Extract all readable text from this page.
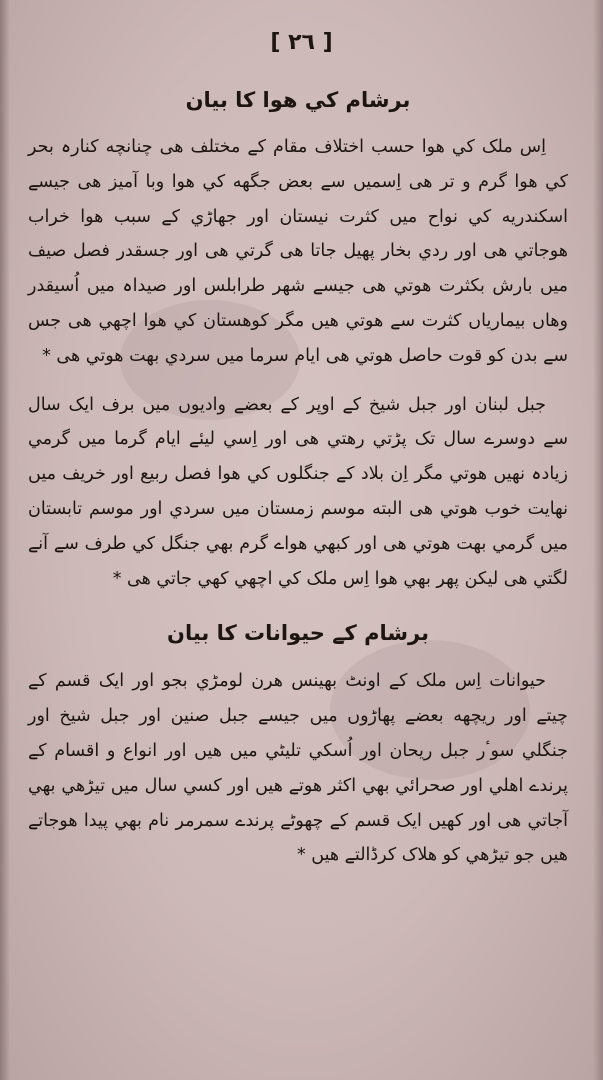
[ ٢٦ ]
برشام کي هوا کا بيان

اِس ملک کي هوا حسب اختلاف مقام کے مختلف هی چنانچه کنارہ بحر کي هوا گرم و تر هی اِسمیں سے بعض جگهه کي هوا وبا آمیز هی جیسے اسکندریه کي نواح میں کثرت نیستان اور جهاڑي کے سبب هوا خراب هوجاتي هی اور ردي بخار پهیل جاتا هی گرتي هی اور جسقدر فصل صیف میں بارش بکثرت هوتي هی جیسے شهر طرابلس اور صیداہ میں اُسیقدر وهاں بیماریاں کثرت سے هوتي هیں مگر کوهستان کي هوا اچهي هی جس سے بدن کو قوت حاصل هوتي هی ایام سرما میں سردي بهت هوتي هی *

جبل لبنان اور جبل شیخ کے اوپر کے بعضے وادیوں میں برف ایک سال سے دوسرے سال تک پڑتي رهتي هی اور اِسي لیئے ایام گرما میں گرمي زیادہ نهیں هوتي مگر اِن بلاد کے جنگلوں کي هوا فصل ربیع اور خریف میں نهایت خوب هوتي هی البته موسم زمستان میں سردي اور موسم تابستان میں گرمي بهت هوتي هی اور کبهي هواے گرم بهي جنگل کي طرف سے آنے لگتي هی لیکن پهر بهي هوا اِس ملک کي اچهي کهي جاتي هی *

برشام کے حیوانات کا بیان

حیوانات اِس ملک کے اونٹ بهینس هرن لومڑي بجو اور ایک قسم کے چیتے اور ریچهه بعضے پهاڑوں میں جیسے جبل صنین اور جبل شیخ اور جنگلي سوٴر جبل ریحان اور اُسکي تلیٹي میں هیں اور انواع و اقسام کے پرندے اهلي اور صحرائي بهي اکثر هوتے هیں اور کسي سال میں تیڑهي بهي آجاتي هی اور کهیں ایک قسم کے چهوٹے پرندے سمرمر نام بهي پیدا هوجاتے هیں جو تیڑهي کو هلاک کرڈالتے هیں *
